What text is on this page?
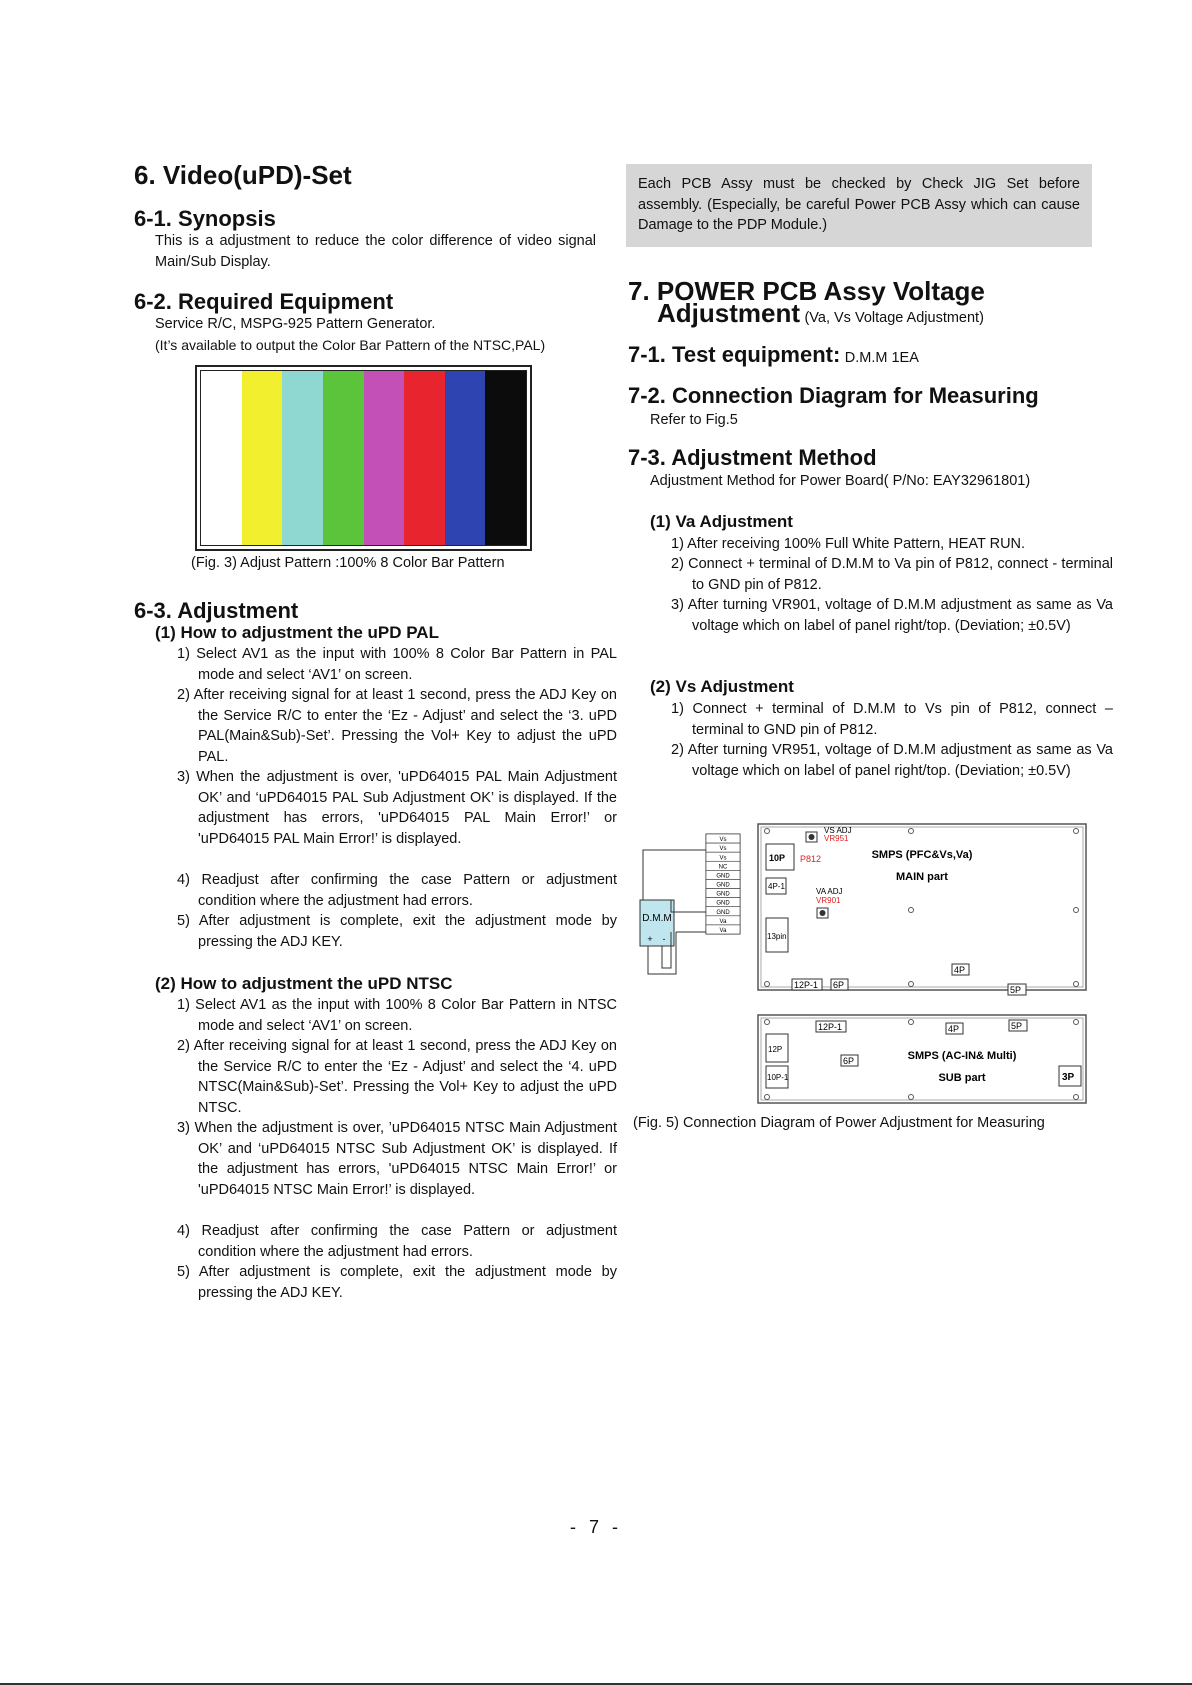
6. Video(uPD)-Set
6-1. Synopsis
This is a adjustment to reduce the color difference of video signal Main/Sub Display.
6-2. Required Equipment
Service R/C, MSPG-925 Pattern Generator.
(It’s available to output the Color Bar Pattern of the NTSC,PAL)
(Fig. 3) Adjust Pattern :100% 8 Color Bar Pattern
6-3. Adjustment
(1) How to adjustment the uPD PAL
1) Select AV1 as the input with 100% 8 Color Bar Pattern in PAL mode and select ‘AV1’ on screen.
2) After receiving signal for at least 1 second, press the ADJ Key on the Service R/C to enter the ‘Ez - Adjust’ and select the ‘3. uPD PAL(Main&Sub)-Set’. Pressing the Vol+ Key to adjust the uPD PAL.
3) When the adjustment is over, 'uPD64015 PAL Main Adjustment OK’ and ‘uPD64015 PAL Sub Adjustment OK’ is displayed. If the adjustment has errors, 'uPD64015 PAL Main Error!’ or 'uPD64015 PAL Main Error!’ is displayed.
4) Readjust after confirming the case Pattern or adjustment condition where the adjustment had errors.
5) After adjustment is complete, exit the adjustment mode by pressing the ADJ KEY.
(2) How to adjustment the uPD NTSC
1) Select AV1 as the input with 100% 8 Color Bar Pattern in NTSC mode and select ‘AV1’ on screen.
2) After receiving signal for at least 1 second, press the ADJ Key on the Service R/C to enter the ‘Ez - Adjust’ and select the ‘4. uPD NTSC(Main&Sub)-Set’. Pressing the Vol+ Key to adjust the uPD NTSC.
3) When the adjustment is over, ’uPD64015 NTSC Main Adjustment OK’ and ‘uPD64015 NTSC Sub Adjustment OK’ is displayed. If the adjustment has errors, 'uPD64015 NTSC Main Error!’ or 'uPD64015 NTSC Main Error!’ is displayed.
4) Readjust after confirming the case Pattern or adjustment condition where the adjustment had errors.
5) After adjustment is complete, exit the adjustment mode by pressing the ADJ KEY.
Each PCB Assy must be checked by Check JIG Set before assembly. (Especially, be careful Power PCB Assy which can cause Damage to the PDP Module.)
7. POWER PCB Assy Voltage
Adjustment (Va, Vs Voltage Adjustment)
7-1. Test equipment: D.M.M 1EA
7-2. Connection Diagram for Measuring
Refer to Fig.5
7-3. Adjustment Method
Adjustment Method for Power Board( P/No: EAY32961801)
(1) Va Adjustment
1) After receiving 100% Full White Pattern, HEAT RUN.
2) Connect + terminal of D.M.M to Va pin of P812, connect - terminal to GND pin of P812.
3) After turning VR901, voltage of D.M.M adjustment as same as Va voltage which on label of panel right/top. (Deviation; ±0.5V)
(2) Vs Adjustment
1) Connect + terminal of D.M.M to Vs pin of P812, connect – terminal to GND pin of P812.
2) After turning VR951, voltage of D.M.M adjustment as same as Va voltage which on label of panel right/top. (Deviation; ±0.5V)
D.M.M
+ -
Vs
Vs
Vs
NC
GND
GND
GND
GND
GND
Va
Va
VS ADJ
VR951
10P P812	SMPS (PFC&Vs,Va)
MAIN part
4P-1
VA ADJ
VR901
13pin
12P-1 6P
4P
5P
12P-1	4P	5P
12P
10P-1
6P	SMPS (AC-IN& Multi)
SUB part	3P
(Fig. 5) Connection Diagram of Power Adjustment for Measuring
- 7 -
